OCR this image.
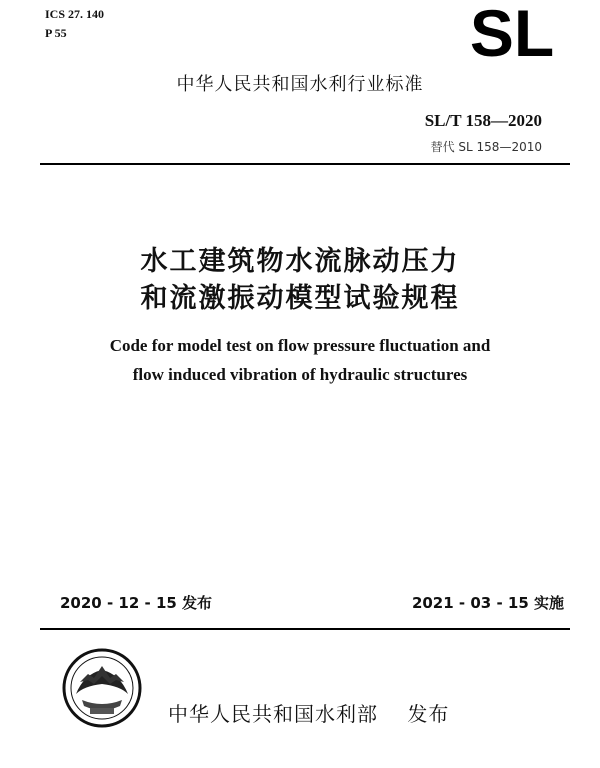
ICS 27. 140
P 55	SL
中华人民共和国水利行业标准
SL/T 158—2020
替代 SL 158—2010
水工建筑物水流脉动压力
和流激振动模型试验规程
Code for model test on flow pressure fluctuation and
flow induced vibration of hydraulic structures
2020 - 12 - 15 发布	2021 - 03 - 15 实施
中华人民共和国水利部    发布
